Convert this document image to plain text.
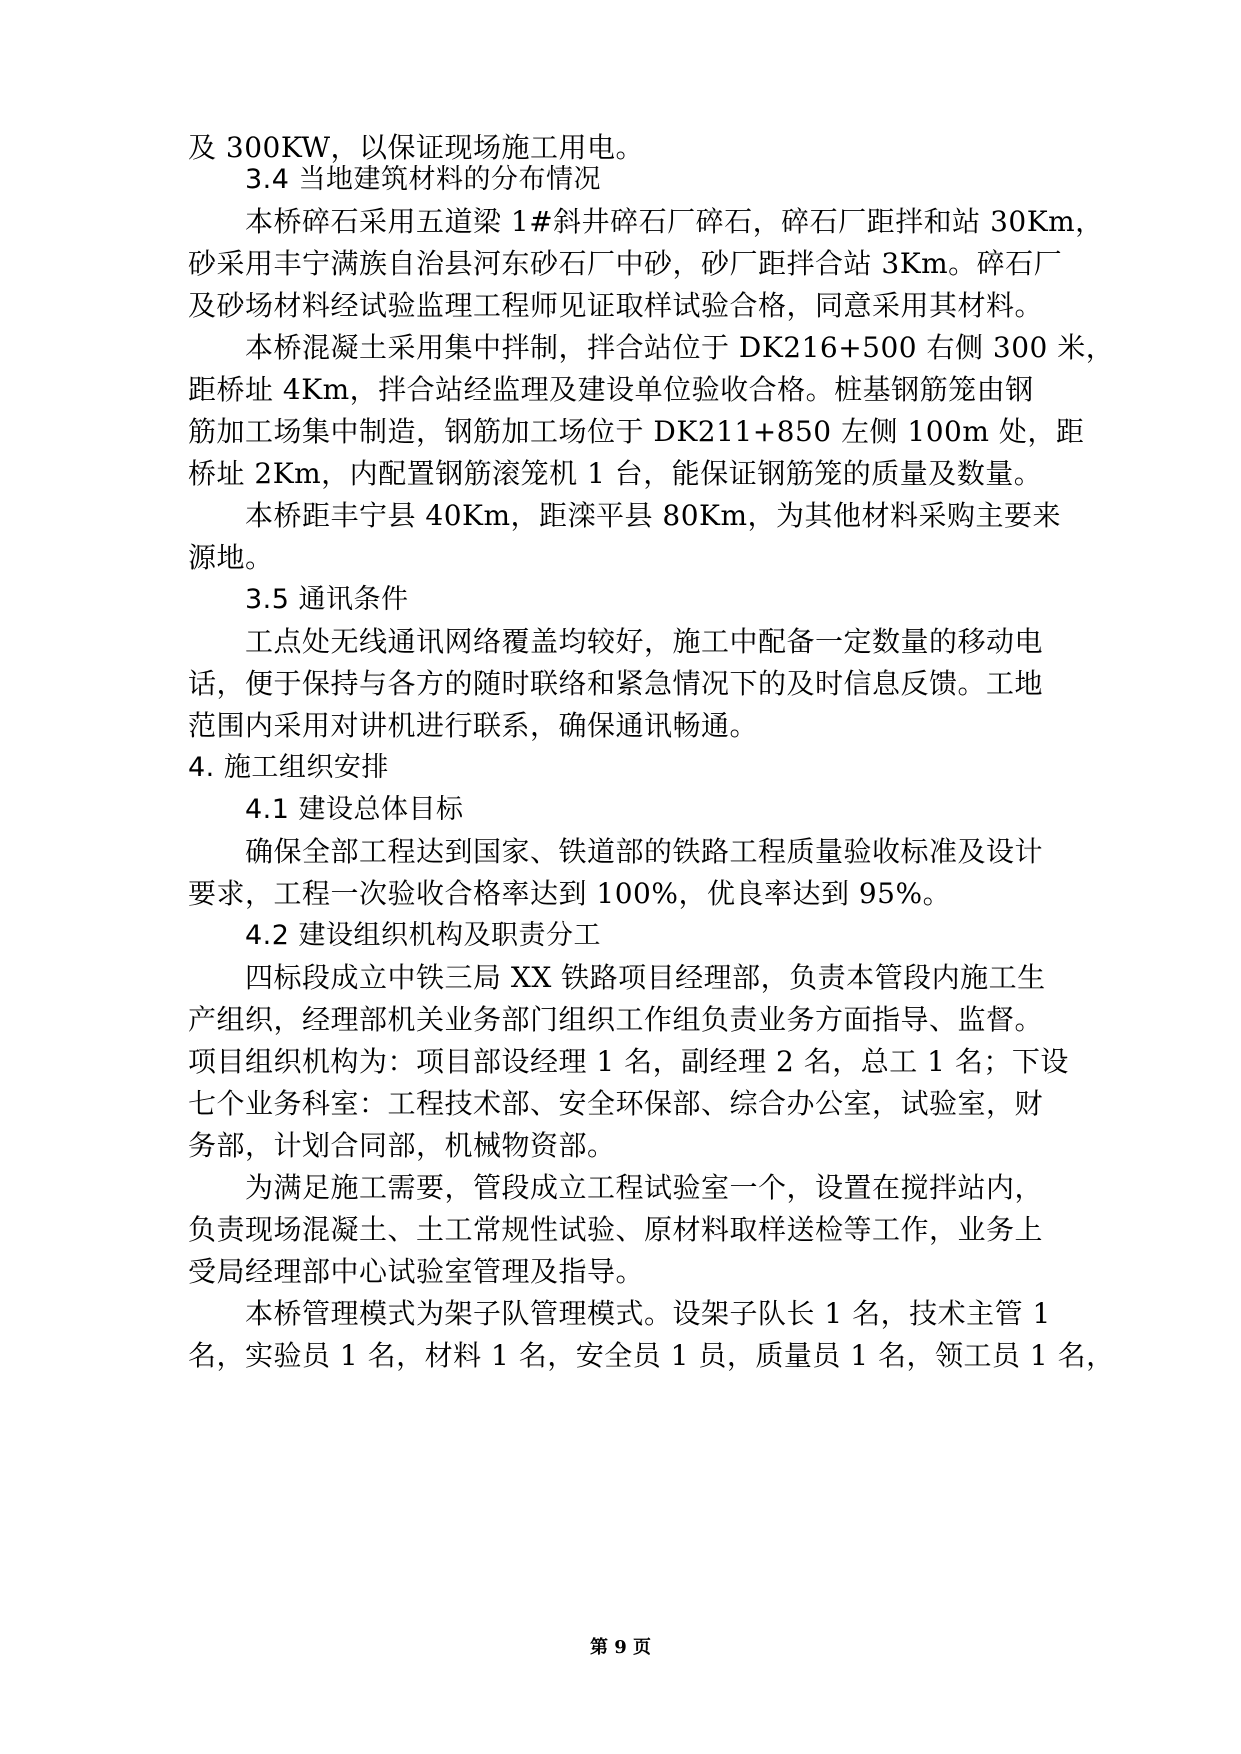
及 300KW，以保证现场施工用电。
3.4 当地建筑材料的分布情况
本桥碎石采用五道梁 1#斜井碎石厂碎石，碎石厂距拌和站 30Km，
砂采用丰宁满族自治县河东砂石厂中砂，砂厂距拌合站 3Km。碎石厂
及砂场材料经试验监理工程师见证取样试验合格，同意采用其材料。
本桥混凝土采用集中拌制，拌合站位于 DK216+500 右侧 300 米，
距桥址 4Km，拌合站经监理及建设单位验收合格。桩基钢筋笼由钢
筋加工场集中制造，钢筋加工场位于 DK211+850 左侧 100m 处，距
桥址 2Km，内配置钢筋滚笼机 1 台，能保证钢筋笼的质量及数量。
本桥距丰宁县 40Km，距滦平县 80Km，为其他材料采购主要来
源地。
3.5 通讯条件
工点处无线通讯网络覆盖均较好，施工中配备一定数量的移动电
话，便于保持与各方的随时联络和紧急情况下的及时信息反馈。工地
范围内采用对讲机进行联系，确保通讯畅通。
4. 施工组织安排
4.1 建设总体目标
确保全部工程达到国家、铁道部的铁路工程质量验收标准及设计
要求，工程一次验收合格率达到 100%，优良率达到 95%。
4.2 建设组织机构及职责分工
四标段成立中铁三局 XX 铁路项目经理部，负责本管段内施工生
产组织，经理部机关业务部门组织工作组负责业务方面指导、监督。
项目组织机构为：项目部设经理 1 名，副经理 2 名，总工 1 名；下设
七个业务科室：工程技术部、安全环保部、综合办公室，试验室，财
务部，计划合同部，机械物资部。
为满足施工需要，管段成立工程试验室一个，设置在搅拌站内，
负责现场混凝土、土工常规性试验、原材料取样送检等工作，业务上
受局经理部中心试验室管理及指导。
本桥管理模式为架子队管理模式。设架子队长 1 名，技术主管 1
名，实验员 1 名，材料 1 名，安全员 1 员，质量员 1 名，领工员 1 名，
第 9 页
